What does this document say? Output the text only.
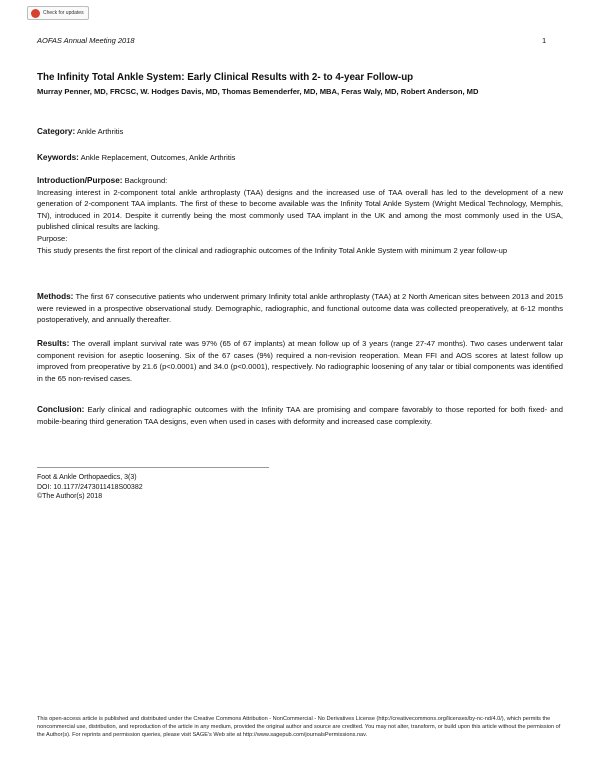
Check for updates
AOFAS Annual Meeting 2018	1
The Infinity Total Ankle System: Early Clinical Results with 2- to 4-year Follow-up
Murray Penner, MD, FRCSC, W. Hodges Davis, MD, Thomas Bemenderfer, MD, MBA, Feras Waly, MD, Robert Anderson, MD
Category: Ankle Arthritis
Keywords: Ankle Replacement, Outcomes, Ankle Arthritis

Introduction/Purpose: Background:

Increasing interest in 2-component total ankle arthroplasty (TAA) designs and the increased use of TAA overall has led to the development of a new generation of 2-component TAA implants. The first of these to become available was the Infinity Total Ankle System (Wright Medical Technology, Memphis, TN), introduced in 2014. Despite it currently being the most commonly used TAA implant in the UK and among the most commonly used in the USA, published clinical results are lacking.

Purpose:

This study presents the first report of the clinical and radiographic outcomes of the Infinity Total Ankle System with minimum 2 year follow-up

Methods: The first 67 consecutive patients who underwent primary Infinity total ankle arthroplasty (TAA) at 2 North American sites between 2013 and 2015 were reviewed in a prospective observational study. Demographic, radiographic, and functional outcome data was collected preoperatively, at 6-12 months postoperatively, and annually thereafter.

Results: The overall implant survival rate was 97% (65 of 67 implants) at mean follow up of 3 years (range 27-47 months). Two cases underwent talar component revision for aseptic loosening. Six of the 67 cases (9%) required a non-revision reoperation. Mean FFI and AOS scores at latest follow up improved from preoperative by 21.6 (p<0.0001) and 34.0 (p<0.0001), respectively. No radiographic loosening of any talar or tibial components was identified in the 65 non-revised cases.

Conclusion: Early clinical and radiographic outcomes with the Infinity TAA are promising and compare favorably to those reported for both fixed- and mobile-bearing third generation TAA designs, even when used in cases with deformity and increased case complexity.

Foot & Ankle Orthopaedics, 3(3)
DOI: 10.1177/2473011418S00382
©The Author(s) 2018
This open-access article is published and distributed under the Creative Commons Attribution - NonCommercial - No Derivatives License (http://creativecommons.org/licenses/by-nc-nd/4.0/), which permits the noncommercial use, distribution, and reproduction of the article in any medium, provided the original author and source are credited. You may not alter, transform, or build upon this article without the permission of the Author(s). For reprints and permission queries, please visit SAGE's Web site at http://www.sagepub.com/journalsPermissions.nav.
